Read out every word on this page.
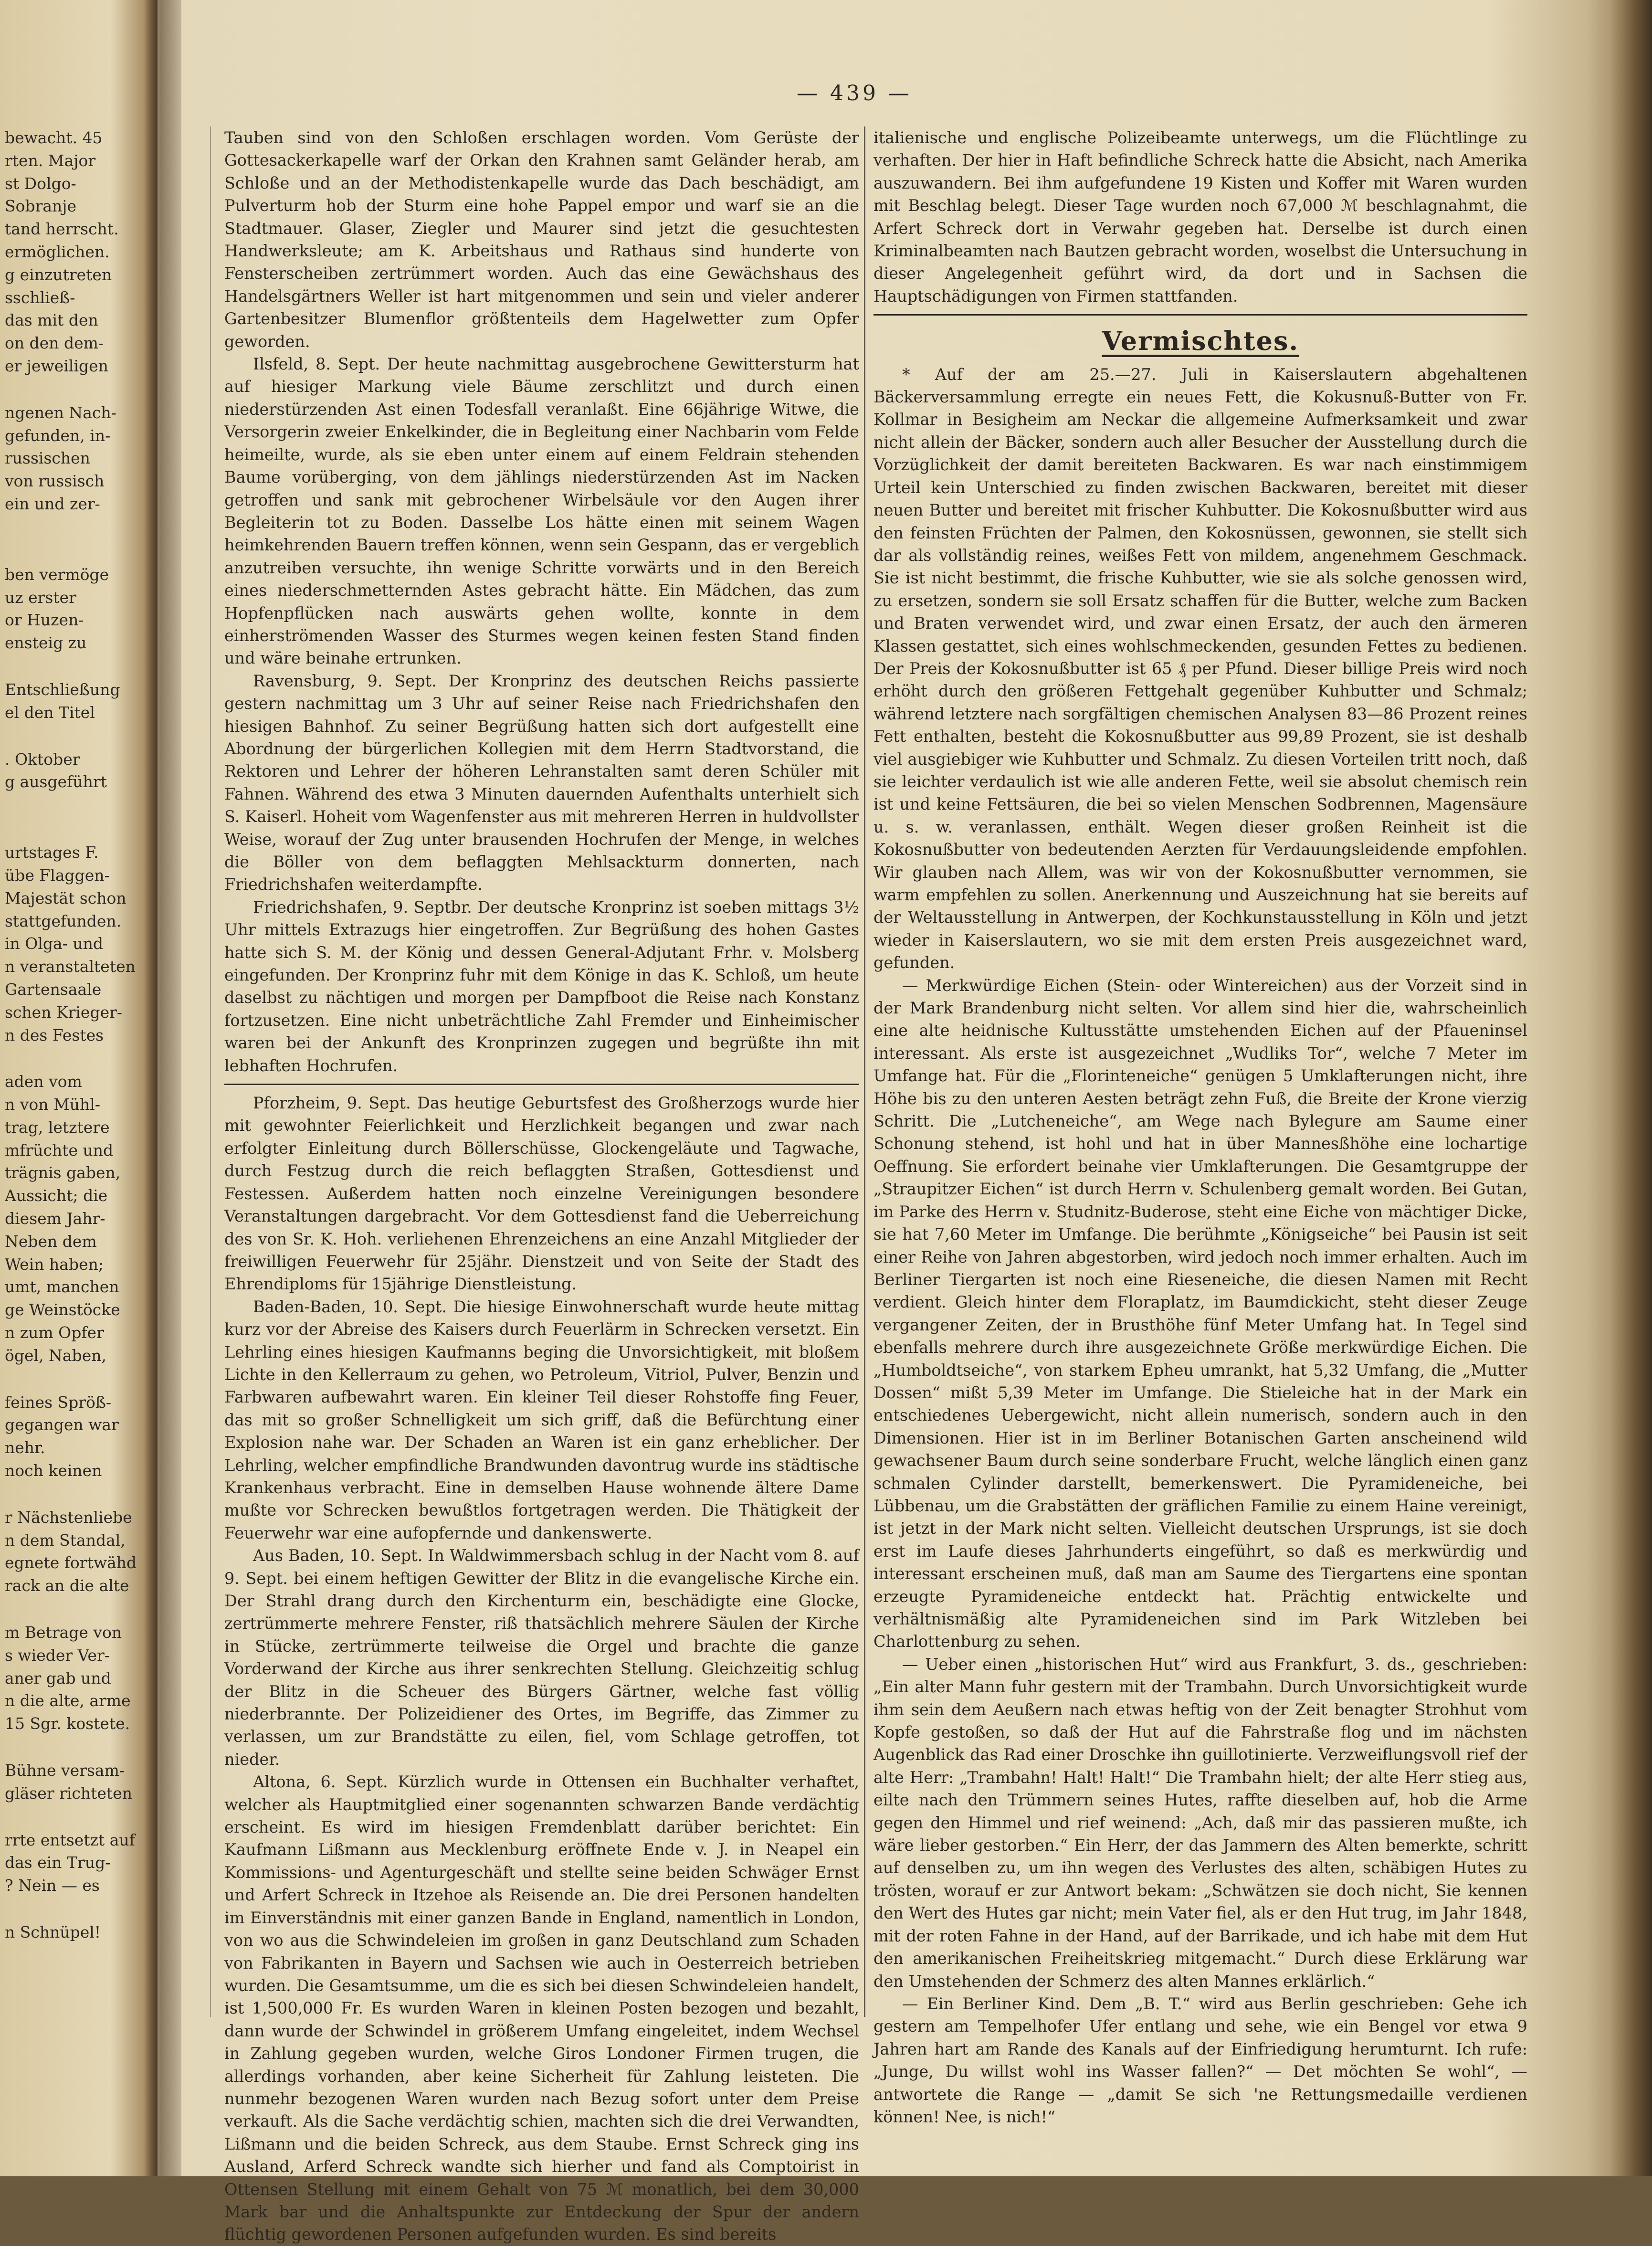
bewacht. 45
rten. Major
st Dolgo-
Sobranje
tand herrscht.
ermöglichen.
g einzutreten
sschließ-
das mit den
on den dem-
er jeweiligen
ngenen Nach-
gefunden, in-
russischen
von russisch
ein und zer-
ben vermöge
uz erster
or Huzen-
ensteig zu
Entschließung
el den Titel
. Oktober
g ausgeführt
urtstages F.
übe Flaggen-
Majestät schon
stattgefunden.
in Olga- und
n veranstalteten
Gartensaale
schen Krieger-
n des Festes
aden vom
n von Mühl-
trag, letztere
mfrüchte und
trägnis gaben,
Aussicht; die
diesem Jahr-
Neben dem
Wein haben;
umt, manchen
ge Weinstöcke
n zum Opfer
ögel, Naben,
feines Spröß-
gegangen war
nehr.
noch keinen
r Nächstenliebe
n dem Standal,
egnete fortwähd
rack an die alte
m Betrage von
s wieder Ver-
aner gab und
n die alte, arme
15 Sgr. kostete.
Bühne versam-
gläser richteten
rrte entsetzt auf
das ein Trug-
? Nein — es
n Schnüpel!
— 439 —

Tauben sind von den Schloßen erschlagen worden. Vom Gerüste der Gottesackerkapelle warf der Orkan den Krahnen samt Geländer herab, am Schloße und an der Methodistenkapelle wurde das Dach beschädigt, am Pulverturm hob der Sturm eine hohe Pappel empor und warf sie an die Stadtmauer. Glaser, Ziegler und Maurer sind jetzt die gesuchtesten Handwerksleute; am K. Arbeitshaus und Rathaus sind hunderte von Fensterscheiben zertrümmert worden. Auch das eine Gewächshaus des Handelsgärtners Weller ist hart mitgenommen und sein und vieler anderer Gartenbesitzer Blumenflor größtenteils dem Hagelwetter zum Opfer geworden.

Ilsfeld, 8. Sept. Der heute nachmittag ausgebrochene Gewittersturm hat auf hiesiger Markung viele Bäume zerschlitzt und durch einen niederstürzenden Ast einen Todesfall veranlaßt. Eine 66jährige Witwe, die Versorgerin zweier Enkelkinder, die in Begleitung einer Nachbarin vom Felde heimeilte, wurde, als sie eben unter einem auf einem Feldrain stehenden Baume vorüberging, von dem jählings niederstürzenden Ast im Nacken getroffen und sank mit gebrochener Wirbelsäule vor den Augen ihrer Begleiterin tot zu Boden. Dasselbe Los hätte einen mit seinem Wagen heimkehrenden Bauern treffen können, wenn sein Gespann, das er vergeblich anzutreiben versuchte, ihn wenige Schritte vorwärts und in den Bereich eines niederschmetternden Astes gebracht hätte. Ein Mädchen, das zum Hopfenpflücken nach auswärts gehen wollte, konnte in dem einherströmenden Wasser des Sturmes wegen keinen festen Stand finden und wäre beinahe ertrunken.

Ravensburg, 9. Sept. Der Kronprinz des deutschen Reichs passierte gestern nachmittag um 3 Uhr auf seiner Reise nach Friedrichshafen den hiesigen Bahnhof. Zu seiner Begrüßung hatten sich dort aufgestellt eine Abordnung der bürgerlichen Kollegien mit dem Herrn Stadtvorstand, die Rektoren und Lehrer der höheren Lehranstalten samt deren Schüler mit Fahnen. Während des etwa 3 Minuten dauernden Aufenthalts unterhielt sich S. Kaiserl. Hoheit vom Wagenfenster aus mit mehreren Herren in huldvollster Weise, worauf der Zug unter brausenden Hochrufen der Menge, in welches die Böller von dem beflaggten Mehlsackturm donnerten, nach Friedrichshafen weiterdampfte.

Friedrichshafen, 9. Septbr. Der deutsche Kronprinz ist soeben mittags 3½ Uhr mittels Extrazugs hier eingetroffen. Zur Begrüßung des hohen Gastes hatte sich S. M. der König und dessen General-Adjutant Frhr. v. Molsberg eingefunden. Der Kronprinz fuhr mit dem Könige in das K. Schloß, um heute daselbst zu nächtigen und morgen per Dampfboot die Reise nach Konstanz fortzusetzen. Eine nicht unbeträchtliche Zahl Fremder und Einheimischer waren bei der Ankunft des Kronprinzen zugegen und begrüßte ihn mit lebhaften Hochrufen.

Pforzheim, 9. Sept. Das heutige Geburtsfest des Großherzogs wurde hier mit gewohnter Feierlichkeit und Herzlichkeit begangen und zwar nach erfolgter Einleitung durch Böllerschüsse, Glockengeläute und Tagwache, durch Festzug durch die reich beflaggten Straßen, Gottesdienst und Festessen. Außerdem hatten noch einzelne Vereinigungen besondere Veranstaltungen dargebracht. Vor dem Gottesdienst fand die Ueberreichung des von Sr. K. Hoh. verliehenen Ehrenzeichens an eine Anzahl Mitglieder der freiwilligen Feuerwehr für 25jähr. Dienstzeit und von Seite der Stadt des Ehrendiploms für 15jährige Dienstleistung.

Baden-Baden, 10. Sept. Die hiesige Einwohnerschaft wurde heute mittag kurz vor der Abreise des Kaisers durch Feuerlärm in Schrecken versetzt. Ein Lehrling eines hiesigen Kaufmanns beging die Unvorsichtigkeit, mit bloßem Lichte in den Kellerraum zu gehen, wo Petroleum, Vitriol, Pulver, Benzin und Farbwaren aufbewahrt waren. Ein kleiner Teil dieser Rohstoffe fing Feuer, das mit so großer Schnelligkeit um sich griff, daß die Befürchtung einer Explosion nahe war. Der Schaden an Waren ist ein ganz erheblicher. Der Lehrling, welcher empfindliche Brandwunden davontrug wurde ins städtische Krankenhaus verbracht. Eine in demselben Hause wohnende ältere Dame mußte vor Schrecken bewußtlos fortgetragen werden. Die Thätigkeit der Feuerwehr war eine aufopfernde und dankenswerte.

Aus Baden, 10. Sept. In Waldwimmersbach schlug in der Nacht vom 8. auf 9. Sept. bei einem heftigen Gewitter der Blitz in die evangelische Kirche ein. Der Strahl drang durch den Kirchenturm ein, beschädigte eine Glocke, zertrümmerte mehrere Fenster, riß thatsächlich mehrere Säulen der Kirche in Stücke, zertrümmerte teilweise die Orgel und brachte die ganze Vorderwand der Kirche aus ihrer senkrechten Stellung. Gleichzeitig schlug der Blitz in die Scheuer des Bürgers Gärtner, welche fast völlig niederbrannte. Der Polizeidiener des Ortes, im Begriffe, das Zimmer zu verlassen, um zur Brandstätte zu eilen, fiel, vom Schlage getroffen, tot nieder.

Altona, 6. Sept. Kürzlich wurde in Ottensen ein Buchhalter verhaftet, welcher als Hauptmitglied einer sogenannten schwarzen Bande verdächtig erscheint. Es wird im hiesigen Fremdenblatt darüber berichtet: Ein Kaufmann Lißmann aus Mecklenburg eröffnete Ende v. J. in Neapel ein Kommissions- und Agenturgeschäft und stellte seine beiden Schwäger Ernst und Arfert Schreck in Itzehoe als Reisende an. Die drei Personen handelten im Einverständnis mit einer ganzen Bande in England, namentlich in London, von wo aus die Schwindeleien im großen in ganz Deutschland zum Schaden von Fabrikanten in Bayern und Sachsen wie auch in Oesterreich betrieben wurden. Die Gesamtsumme, um die es sich bei diesen Schwindeleien handelt, ist 1,500,000 Fr. Es wurden Waren in kleinen Posten bezogen und bezahlt, dann wurde der Schwindel in größerem Umfang eingeleitet, indem Wechsel in Zahlung gegeben wurden, welche Giros Londoner Firmen trugen, die allerdings vorhanden, aber keine Sicherheit für Zahlung leisteten. Die nunmehr bezogenen Waren wurden nach Bezug sofort unter dem Preise verkauft. Als die Sache verdächtig schien, machten sich die drei Verwandten, Lißmann und die beiden Schreck, aus dem Staube. Ernst Schreck ging ins Ausland, Arferd Schreck wandte sich hierher und fand als Comptoirist in Ottensen Stellung mit einem Gehalt von 75 ℳ monatlich, bei dem 30,000 Mark bar und die Anhaltspunkte zur Entdeckung der Spur der andern flüchtig gewordenen Personen aufgefunden wurden. Es sind bereits

italienische und englische Polizeibeamte unterwegs, um die Flüchtlinge zu verhaften. Der hier in Haft befindliche Schreck hatte die Absicht, nach Amerika auszuwandern. Bei ihm aufgefundene 19 Kisten und Koffer mit Waren wurden mit Beschlag belegt. Dieser Tage wurden noch 67,000 ℳ beschlagnahmt, die Arfert Schreck dort in Verwahr gegeben hat. Derselbe ist durch einen Kriminalbeamten nach Bautzen gebracht worden, woselbst die Untersuchung in dieser Angelegenheit geführt wird, da dort und in Sachsen die Hauptschädigungen von Firmen stattfanden.

Vermischtes.

* Auf der am 25.—27. Juli in Kaiserslautern abgehaltenen Bäckerversammlung erregte ein neues Fett, die Kokusnuß-Butter von Fr. Kollmar in Besigheim am Neckar die allgemeine Aufmerksamkeit und zwar nicht allein der Bäcker, sondern auch aller Besucher der Ausstellung durch die Vorzüglichkeit der damit bereiteten Backwaren. Es war nach einstimmigem Urteil kein Unterschied zu finden zwischen Backwaren, bereitet mit dieser neuen Butter und bereitet mit frischer Kuhbutter. Die Kokosnußbutter wird aus den feinsten Früchten der Palmen, den Kokosnüssen, gewonnen, sie stellt sich dar als vollständig reines, weißes Fett von mildem, angenehmem Geschmack. Sie ist nicht bestimmt, die frische Kuhbutter, wie sie als solche genossen wird, zu ersetzen, sondern sie soll Ersatz schaffen für die Butter, welche zum Backen und Braten verwendet wird, und zwar einen Ersatz, der auch den ärmeren Klassen gestattet, sich eines wohlschmeckenden, gesunden Fettes zu bedienen. Der Preis der Kokosnußbutter ist 65 ₰ per Pfund. Dieser billige Preis wird noch erhöht durch den größeren Fettgehalt gegenüber Kuhbutter und Schmalz; während letztere nach sorgfältigen chemischen Analysen 83—86 Prozent reines Fett enthalten, besteht die Kokosnußbutter aus 99,89 Prozent, sie ist deshalb viel ausgiebiger wie Kuhbutter und Schmalz. Zu diesen Vorteilen tritt noch, daß sie leichter verdaulich ist wie alle anderen Fette, weil sie absolut chemisch rein ist und keine Fettsäuren, die bei so vielen Menschen Sodbrennen, Magensäure u. s. w. veranlassen, enthält. Wegen dieser großen Reinheit ist die Kokosnußbutter von bedeutenden Aerzten für Verdauungsleidende empfohlen. Wir glauben nach Allem, was wir von der Kokosnußbutter vernommen, sie warm empfehlen zu sollen. Anerkennung und Auszeichnung hat sie bereits auf der Weltausstellung in Antwerpen, der Kochkunstausstellung in Köln und jetzt wieder in Kaiserslautern, wo sie mit dem ersten Preis ausgezeichnet ward, gefunden.

— Merkwürdige Eichen (Stein- oder Wintereichen) aus der Vorzeit sind in der Mark Brandenburg nicht selten. Vor allem sind hier die, wahrscheinlich eine alte heidnische Kultusstätte umstehenden Eichen auf der Pfaueninsel interessant. Als erste ist ausgezeichnet „Wudliks Tor“, welche 7 Meter im Umfange hat. Für die „Florinteneiche“ genügen 5 Umklafterungen nicht, ihre Höhe bis zu den unteren Aesten beträgt zehn Fuß, die Breite der Krone vierzig Schritt. Die „Lutcheneiche“, am Wege nach Bylegure am Saume einer Schonung stehend, ist hohl und hat in über Mannesßhöhe eine lochartige Oeffnung. Sie erfordert beinahe vier Umklafterungen. Die Gesamtgruppe der „Straupitzer Eichen“ ist durch Herrn v. Schulenberg gemalt worden. Bei Gutan, im Parke des Herrn v. Studnitz-Buderose, steht eine Eiche von mächtiger Dicke, sie hat 7,60 Meter im Umfange. Die berühmte „Königseiche“ bei Pausin ist seit einer Reihe von Jahren abgestorben, wird jedoch noch immer erhalten. Auch im Berliner Tiergarten ist noch eine Rieseneiche, die diesen Namen mit Recht verdient. Gleich hinter dem Floraplatz, im Baumdickicht, steht dieser Zeuge vergangener Zeiten, der in Brusthöhe fünf Meter Umfang hat. In Tegel sind ebenfalls mehrere durch ihre ausgezeichnete Größe merkwürdige Eichen. Die „Humboldtseiche“, von starkem Epheu umrankt, hat 5,32 Umfang, die „Mutter Dossen“ mißt 5,39 Meter im Umfange. Die Stieleiche hat in der Mark ein entschiedenes Uebergewicht, nicht allein numerisch, sondern auch in den Dimensionen. Hier ist in im Berliner Botanischen Garten anscheinend wild gewachsener Baum durch seine sonderbare Frucht, welche länglich einen ganz schmalen Cylinder darstellt, bemerkenswert. Die Pyramideneiche, bei Lübbenau, um die Grabstätten der gräflichen Familie zu einem Haine vereinigt, ist jetzt in der Mark nicht selten. Vielleicht deutschen Ursprungs, ist sie doch erst im Laufe dieses Jahrhunderts eingeführt, so daß es merkwürdig und interessant erscheinen muß, daß man am Saume des Tiergartens eine spontan erzeugte Pyramideneiche entdeckt hat. Prächtig entwickelte und verhältnismäßig alte Pyramideneichen sind im Park Witzleben bei Charlottenburg zu sehen.

— Ueber einen „historischen Hut“ wird aus Frankfurt, 3. ds., geschrieben: „Ein alter Mann fuhr gestern mit der Trambahn. Durch Unvorsichtigkeit wurde ihm sein dem Aeußern nach etwas heftig von der Zeit benagter Strohhut vom Kopfe gestoßen, so daß der Hut auf die Fahrstraße flog und im nächsten Augenblick das Rad einer Droschke ihn guillotinierte. Verzweiflungsvoll rief der alte Herr: „Trambahn! Halt! Halt!“ Die Trambahn hielt; der alte Herr stieg aus, eilte nach den Trümmern seines Hutes, raffte dieselben auf, hob die Arme gegen den Himmel und rief weinend: „Ach, daß mir das passieren mußte, ich wäre lieber gestorben.“ Ein Herr, der das Jammern des Alten bemerkte, schritt auf denselben zu, um ihn wegen des Verlustes des alten, schäbigen Hutes zu trösten, worauf er zur Antwort bekam: „Schwätzen sie doch nicht, Sie kennen den Wert des Hutes gar nicht; mein Vater fiel, als er den Hut trug, im Jahr 1848, mit der roten Fahne in der Hand, auf der Barrikade, und ich habe mit dem Hut den amerikanischen Freiheitskrieg mitgemacht.“ Durch diese Erklärung war den Umstehenden der Schmerz des alten Mannes erklärlich.“

— Ein Berliner Kind. Dem „B. T.“ wird aus Berlin geschrieben: Gehe ich gestern am Tempelhofer Ufer entlang und sehe, wie ein Bengel vor etwa 9 Jahren hart am Rande des Kanals auf der Einfriedigung herumturnt. Ich rufe: „Junge, Du willst wohl ins Wasser fallen?“ — Det möchten Se wohl“, — antwortete die Range — „damit Se sich 'ne Rettungsmedaille verdienen können! Nee, is nich!“
